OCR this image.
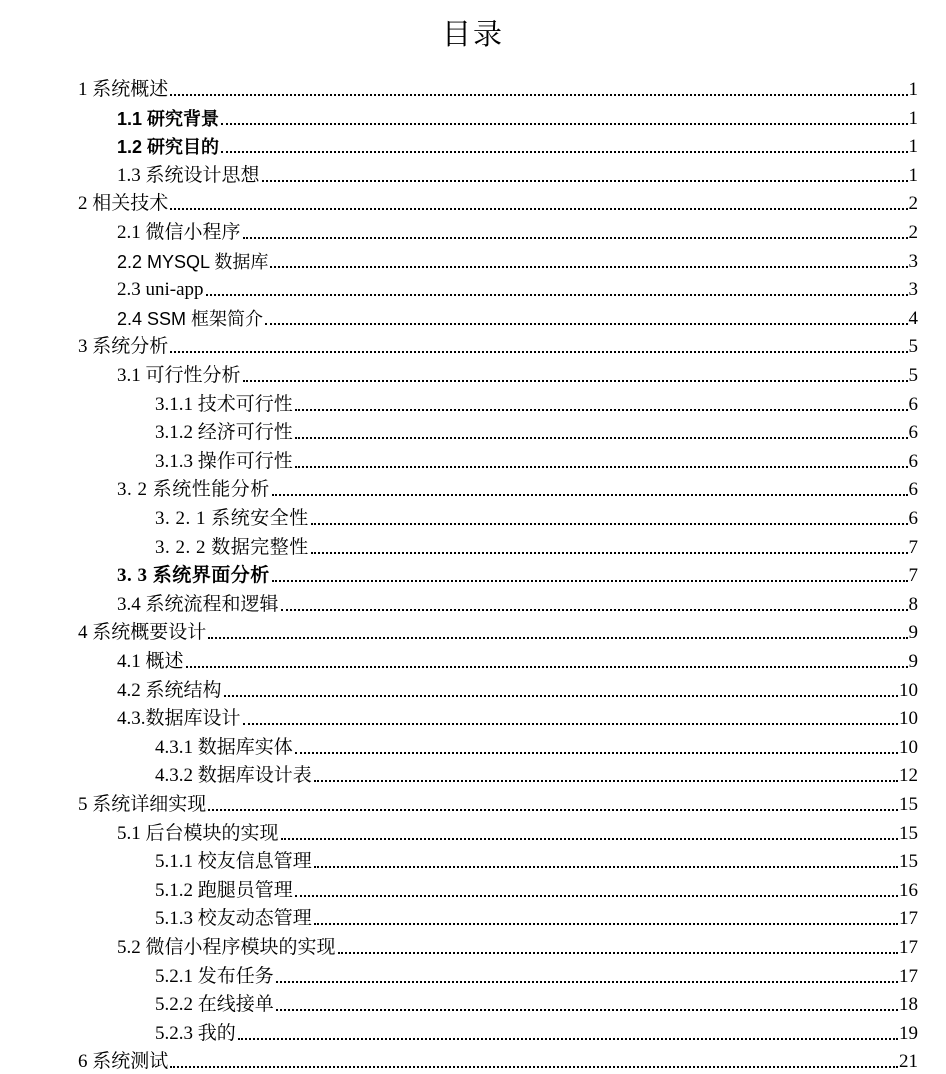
目录
1 系统概述	1
1.1 研究背景	1
1.2 研究目的	1
1.3 系统设计思想	1
2 相关技术	2
2.1 微信小程序	2
2.2 MYSQL 数据库	3
2.3 uni-app	3
2.4 SSM 框架简介	4
3 系统分析	5
3.1 可行性分析	5
3.1.1 技术可行性	6
3.1.2 经济可行性	6
3.1.3 操作可行性	6
3. 2 系统性能分析	6
3. 2. 1 系统安全性	6
3. 2. 2 数据完整性	7
3. 3 系统界面分析	7
3.4 系统流程和逻辑	8
4 系统概要设计	9
4.1 概述	9
4.2 系统结构	10
4.3.数据库设计	10
4.3.1 数据库实体	10
4.3.2 数据库设计表	12
5 系统详细实现	15
5.1 后台模块的实现	15
5.1.1 校友信息管理	15
5.1.2 跑腿员管理	16
5.1.3 校友动态管理	17
5.2 微信小程序模块的实现	17
5.2.1 发布任务	17
5.2.2 在线接单	18
5.2.3 我的	19
6 系统测试	21
